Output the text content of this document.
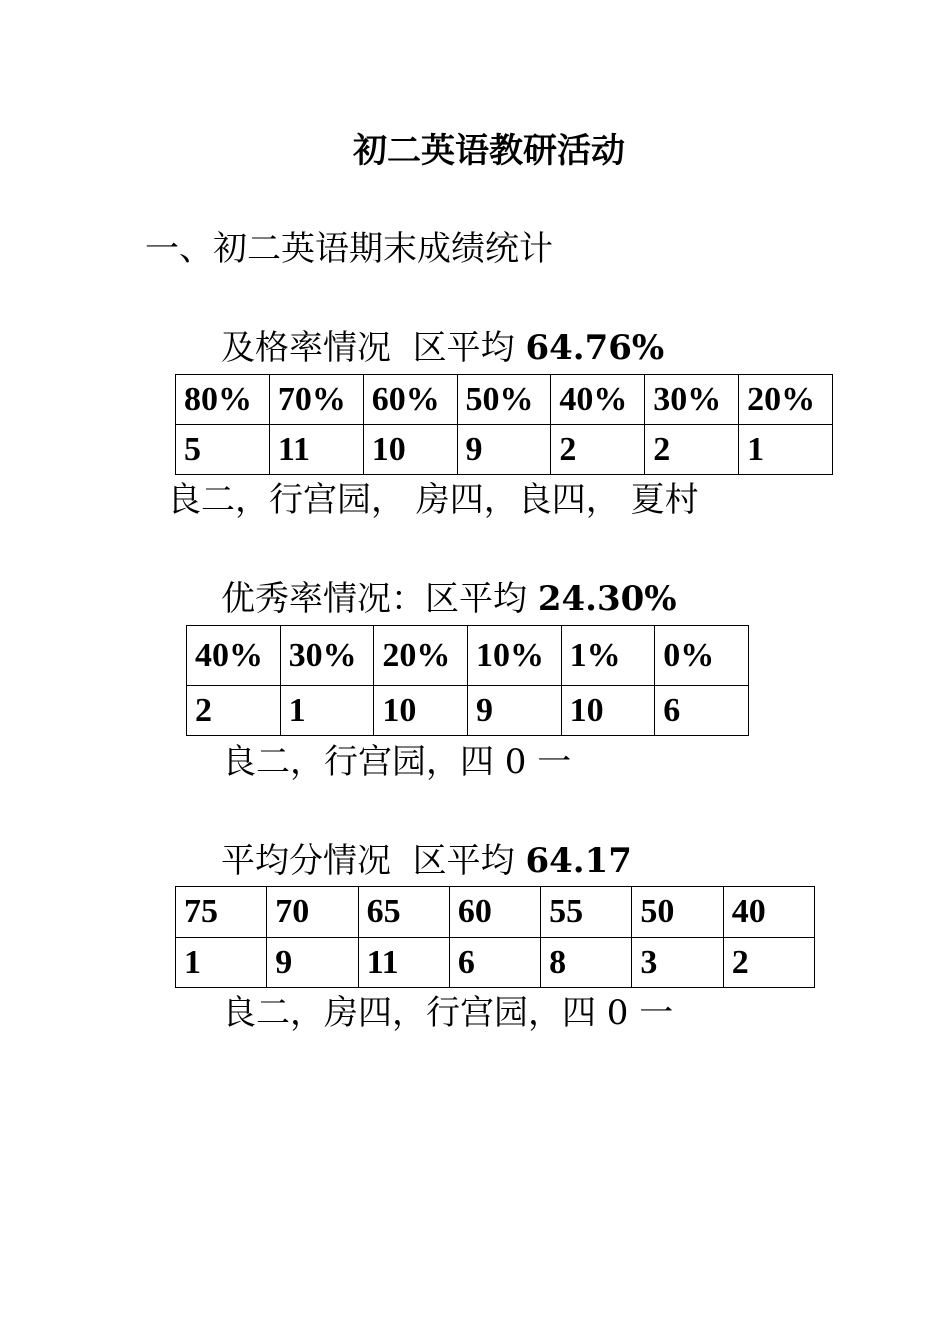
初二英语教研活动
一、初二英语期末成绩统计
及格率情况 区平均 64.76%
80%	70%	60%	50%	40%	30%	20%
5	11	10	9	2	2	1
良二，行宫园， 房四，良四， 夏村
优秀率情况：区平均 24.30%
40%	30%	20%	10%	1%	0%
2	1	10	9	10	6
良二，行宫园，四 0 一
平均分情况 区平均 64.17
75	70	65	60	55	50	40
1	9	11	6	8	3	2
良二，房四，行宫园，四 0 一
